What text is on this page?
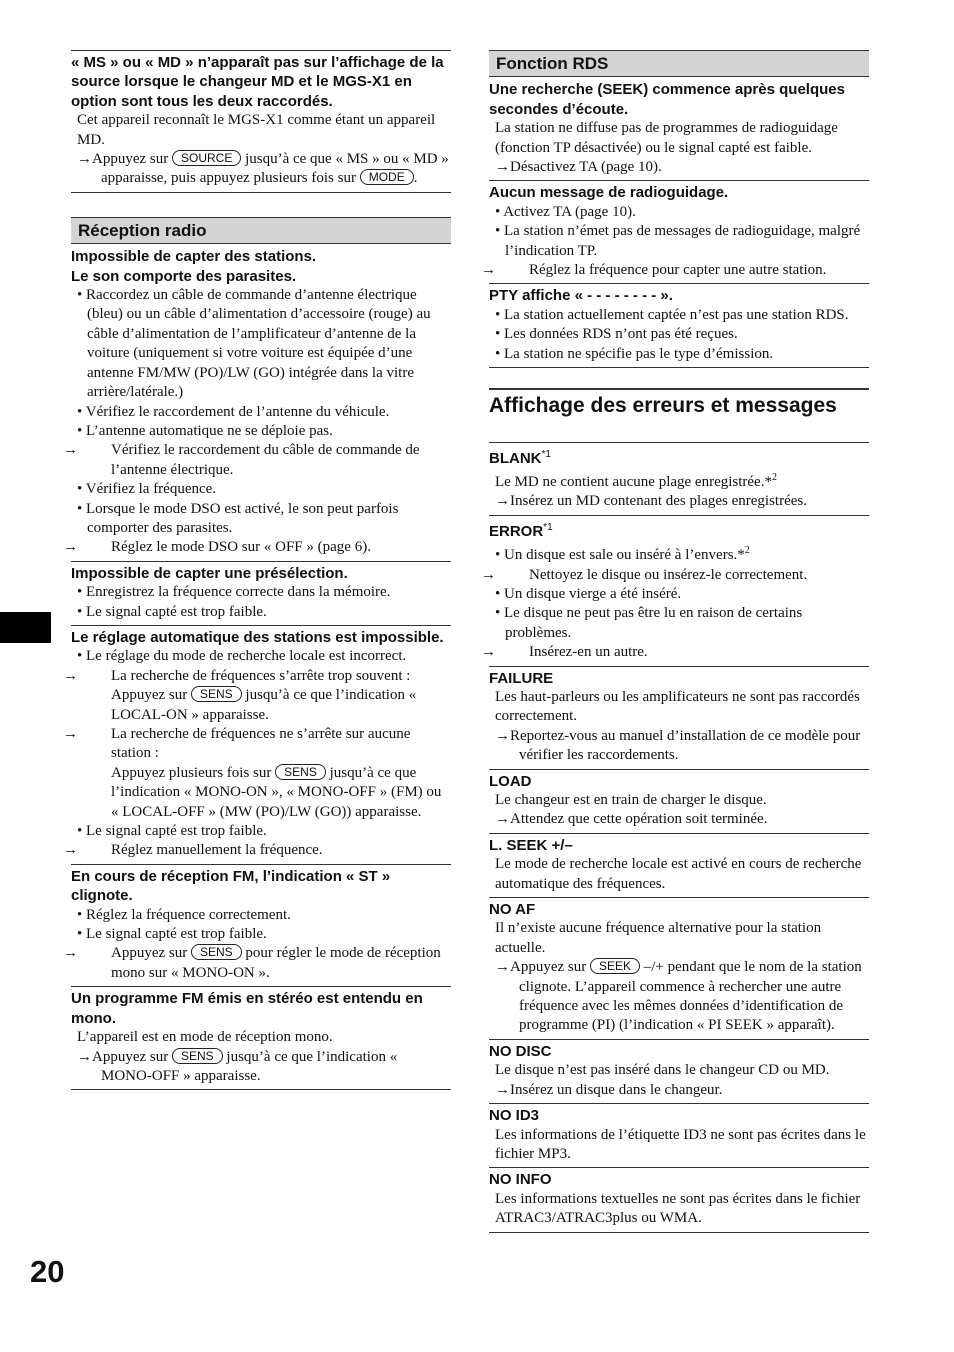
20
« MS » ou « MD » n’apparaît pas sur l’affichage de la source lorsque le changeur MD et le MGS-X1 en option sont tous les deux raccordés.
Cet appareil reconnaît le MGS-X1 comme étant un appareil MD.
→Appuyez sur SOURCE jusqu’à ce que « MS » ou « MD » apparaisse, puis appuyez plusieurs fois sur MODE .
Réception radio
Impossible de capter des stations.
Le son comporte des parasites.
• Raccordez un câble de commande d’antenne électrique (bleu) ou un câble d’alimentation d’accessoire (rouge) au câble d’alimentation de l’amplificateur d’antenne de la voiture (uniquement si votre voiture est équipée d’une antenne FM/MW (PO)/LW (GO) intégrée dans la vitre arrière/latérale.)
• Vérifiez le raccordement de l’antenne du véhicule.
• L’antenne automatique ne se déploie pas.
→ Vérifiez le raccordement du câble de commande de l’antenne électrique.
• Vérifiez la fréquence.
• Lorsque le mode DSO est activé, le son peut parfois comporter des parasites.
→ Réglez le mode DSO sur « OFF » (page 6).
Impossible de capter une présélection.
• Enregistrez la fréquence correcte dans la mémoire.
• Le signal capté est trop faible.
Le réglage automatique des stations est impossible.
• Le réglage du mode de recherche locale est incorrect.
→ La recherche de fréquences s’arrête trop souvent :
Appuyez sur SENS jusqu’à ce que l’indication « LOCAL-ON » apparaisse.
→ La recherche de fréquences ne s’arrête sur aucune station :
Appuyez plusieurs fois sur SENS jusqu’à ce que l’indication « MONO-ON », « MONO-OFF » (FM) ou « LOCAL-OFF » (MW (PO)/LW (GO)) apparaisse.
• Le signal capté est trop faible.
→ Réglez manuellement la fréquence.
En cours de réception FM, l’indication « ST » clignote.
• Réglez la fréquence correctement.
• Le signal capté est trop faible.
→ Appuyez sur SENS pour régler le mode de réception mono sur « MONO-ON ».
Un programme FM émis en stéréo est entendu en mono.
L’appareil est en mode de réception mono.
→Appuyez sur SENS jusqu’à ce que l’indication « MONO-OFF » apparaisse.
Fonction RDS
Une recherche (SEEK) commence après quelques secondes d’écoute.
La station ne diffuse pas de programmes de radioguidage (fonction TP désactivée) ou le signal capté est faible.
→Désactivez TA (page 10).
Aucun message de radioguidage.
• Activez TA (page 10).
• La station n’émet pas de messages de radioguidage, malgré l’indication TP.
→ Réglez la fréquence pour capter une autre station.
PTY affiche « - - - - - - - - ».
• La station actuellement captée n’est pas une station RDS.
• Les données RDS n’ont pas été reçues.
• La station ne spécifie pas le type d’émission.
Affichage des erreurs et messages
BLANK$^{*1}$
Le MD ne contient aucune plage enregistrée.*$^2$
→Insérez un MD contenant des plages enregistrées.
ERROR$^{*1}$
• Un disque est sale ou inséré à l’envers.*$^2$
→ Nettoyez le disque ou insérez-le correctement.
• Un disque vierge a été inséré.
• Le disque ne peut pas être lu en raison de certains problèmes.
→ Insérez-en un autre.
FAILURE
Les haut-parleurs ou les amplificateurs ne sont pas raccordés correctement.
→Reportez-vous au manuel d’installation de ce modèle pour vérifier les raccordements.
LOAD
Le changeur est en train de charger le disque.
→Attendez que cette opération soit terminée.
L. SEEK +/–
Le mode de recherche locale est activé en cours de recherche automatique des fréquences.
NO AF
Il n’existe aucune fréquence alternative pour la station actuelle.
→Appuyez sur SEEK –/+ pendant que le nom de la station clignote. L’appareil commence à rechercher une autre fréquence avec les mêmes données d’identification de programme (PI) (l’indication « PI SEEK » apparaît).
NO DISC
Le disque n’est pas inséré dans le changeur CD ou MD.
→Insérez un disque dans le changeur.
NO ID3
Les informations de l’étiquette ID3 ne sont pas écrites dans le fichier MP3.
NO INFO
Les informations textuelles ne sont pas écrites dans le fichier ATRAC3/ATRAC3plus ou WMA.
